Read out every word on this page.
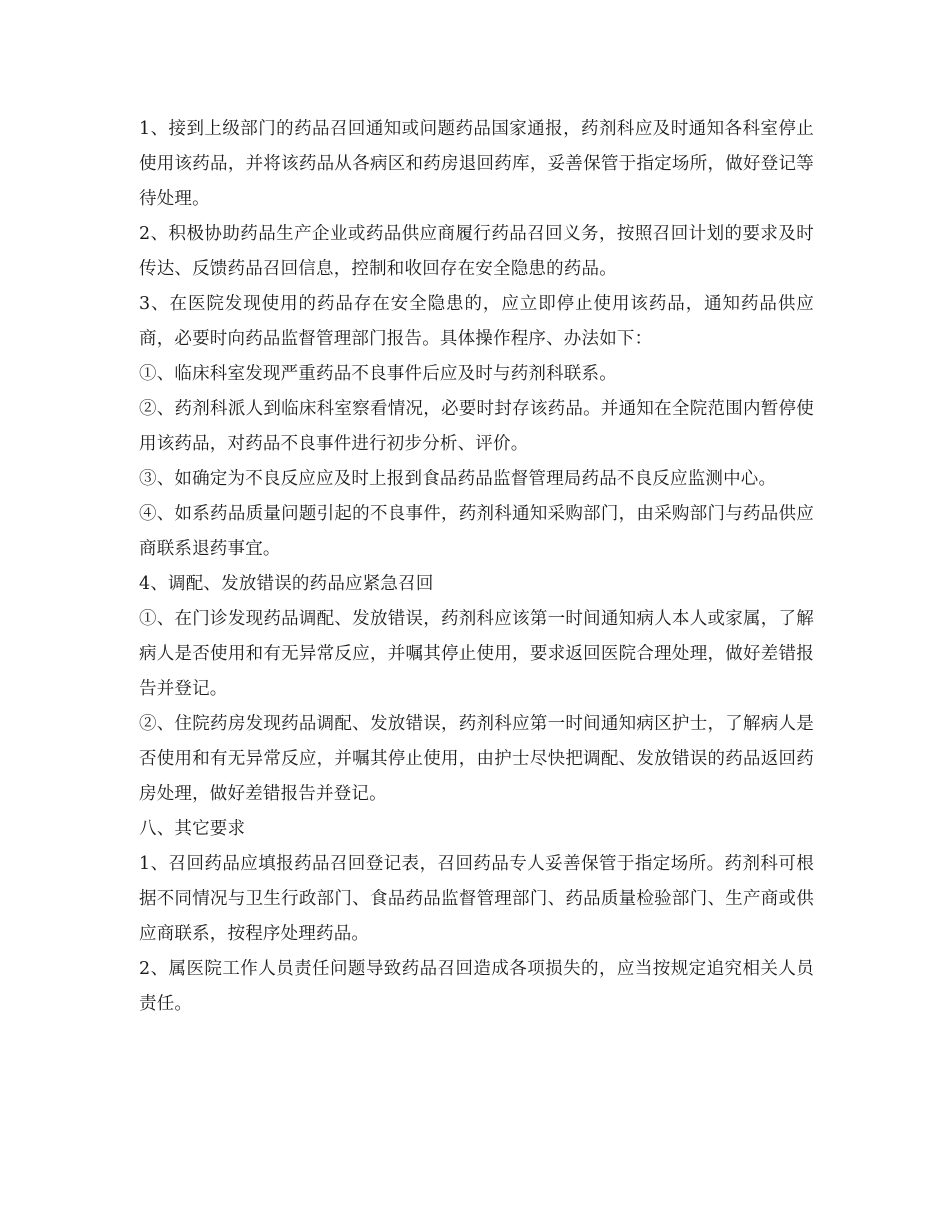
1、接到上级部门的药品召回通知或问题药品国家通报，药剂科应及时通知各科室停止使用该药品，并将该药品从各病区和药房退回药库，妥善保管于指定场所，做好登记等待处理。

2、积极协助药品生产企业或药品供应商履行药品召回义务，按照召回计划的要求及时传达、反馈药品召回信息，控制和收回存在安全隐患的药品。

3、在医院发现使用的药品存在安全隐患的，应立即停止使用该药品，通知药品供应商，必要时向药品监督管理部门报告。具体操作程序、办法如下：

①、临床科室发现严重药品不良事件后应及时与药剂科联系。

②、药剂科派人到临床科室察看情况，必要时封存该药品。并通知在全院范围内暂停使用该药品，对药品不良事件进行初步分析、评价。

③、如确定为不良反应应及时上报到食品药品监督管理局药品不良反应监测中心。

④、如系药品质量问题引起的不良事件，药剂科通知采购部门，由采购部门与药品供应商联系退药事宜。

4、调配、发放错误的药品应紧急召回

①、在门诊发现药品调配、发放错误，药剂科应该第一时间通知病人本人或家属，了解病人是否使用和有无异常反应，并嘱其停止使用，要求返回医院合理处理，做好差错报告并登记。

②、住院药房发现药品调配、发放错误，药剂科应第一时间通知病区护士，了解病人是否使用和有无异常反应，并嘱其停止使用，由护士尽快把调配、发放错误的药品返回药房处理，做好差错报告并登记。

八、其它要求

1、召回药品应填报药品召回登记表，召回药品专人妥善保管于指定场所。药剂科可根据不同情况与卫生行政部门、食品药品监督管理部门、药品质量检验部门、生产商或供应商联系，按程序处理药品。

2、属医院工作人员责任问题导致药品召回造成各项损失的，应当按规定追究相关人员责任。
